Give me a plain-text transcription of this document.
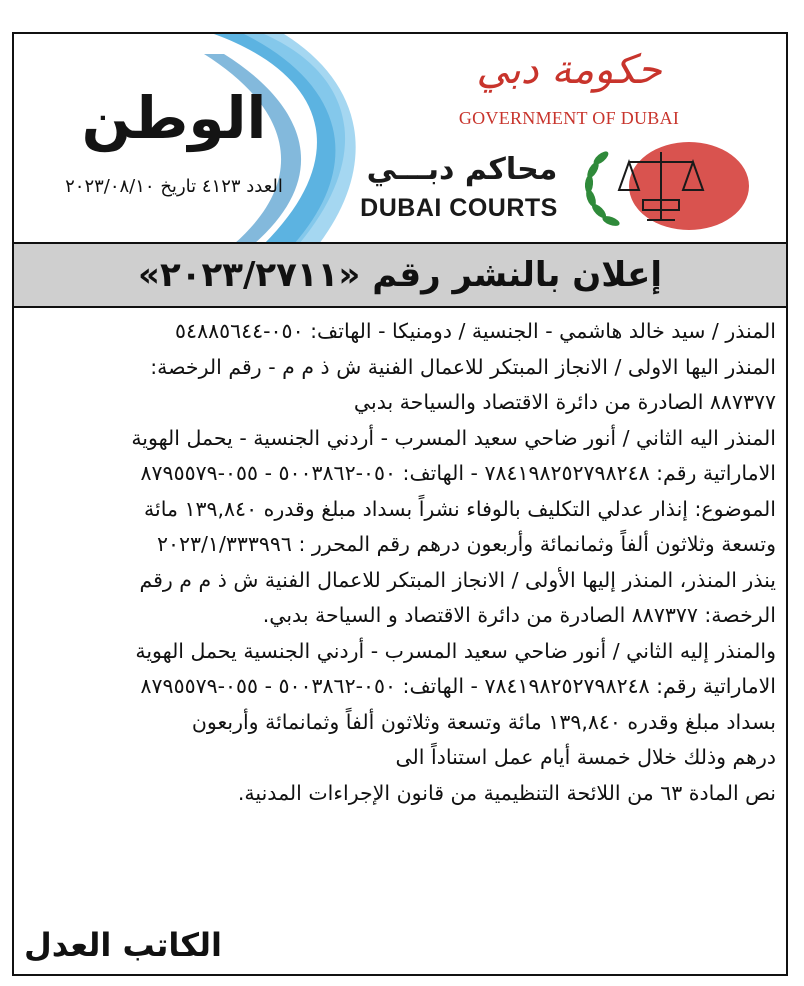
الوطن
العدد ٤١٢٣ تاريخ ٢٠٢٣/٠٨/١٠
حكومة دبي
GOVERNMENT OF DUBAI
محاكم دبـــي
DUBAI COURTS
إعلان بالنشر رقم «٢٠٢٣/٢٧١١»

المنذر / سيد خالد هاشمي - الجنسية / دومنيكا - الهاتف: ٠٥٠-٥٤٨٨٥٦٤٤

المنذر اليها الاولى / الانجاز المبتكر للاعمال الفنية ش ذ م م - رقم الرخصة:

٨٨٧٣٧٧ الصادرة من دائرة الاقتصاد والسياحة بدبي

المنذر اليه الثاني / أنور ضاحي سعيد المسرب - أردني الجنسية - يحمل الهوية

الاماراتية رقم: ٧٨٤١٩٨٢٥٢٧٩٨٢٤٨ - الهاتف: ٠٥٠-٥٠٠٣٨٦٢ - ٠٥٥-٨٧٩٥٥٧٩

الموضوع: إنذار عدلي التكليف بالوفاء نشراً بسداد مبلغ وقدره ١٣٩,٨٤٠ مائة

وتسعة وثلاثون ألفاً وثمانمائة وأربعون درهم رقم المحرر : ٢٠٢٣/١/٣٣٣٩٩٦

ينذر المنذر، المنذر إليها الأولى / الانجاز المبتكر للاعمال الفنية ش ذ م م رقم

الرخصة: ٨٨٧٣٧٧ الصادرة من دائرة الاقتصاد و السياحة بدبي.

والمنذر إليه الثاني / أنور ضاحي سعيد المسرب - أردني الجنسية يحمل الهوية

الاماراتية رقم: ٧٨٤١٩٨٢٥٢٧٩٨٢٤٨ - الهاتف: ٠٥٠-٥٠٠٣٨٦٢ - ٠٥٥-٨٧٩٥٥٧٩

بسداد مبلغ وقدره ١٣٩,٨٤٠ مائة وتسعة وثلاثون ألفاً وثمانمائة وأربعون

درهم وذلك خلال خمسة أيام عمل استناداً الى

نص المادة ٦٣ من اللائحة التنظيمية من قانون الإجراءات المدنية.

الكاتب العدل
